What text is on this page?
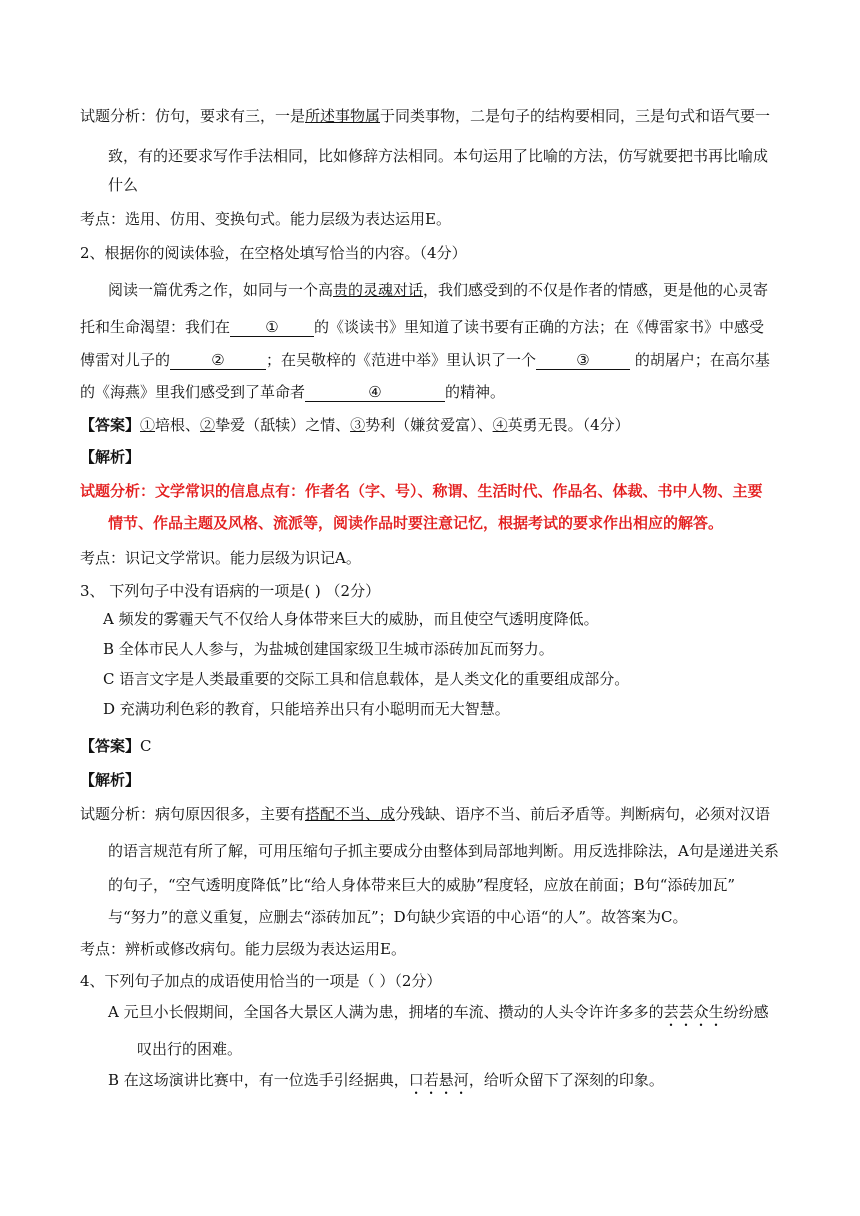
试题分析：仿句，要求有三，一是所述事物属于同类事物，二是句子的结构要相同，三是句式和语气要一
致，有的还要求写作手法相同，比如修辞方法相同。本句运用了比喻的方法，仿写就要把书再比喻成
什么
考点：选用、仿用、变换句式。能力层级为表达运用E。
2、根据你的阅读体验，在空格处填写恰当的内容。（4分）
阅读一篇优秀之作，如同与一个高贵的灵魂对话，我们感受到的不仅是作者的情感，更是他的心灵寄
托和生命渴望：我们在 ① 的《谈读书》里知道了读书要有正确的方法；在《傅雷家书》中感受
傅雷对儿子的	②	；在吴敬梓的《范进中举》里认识了一个	③	的胡屠户；在高尔基
的《海燕》里我们感受到了革命者	④	的精神。
【答案】①培根、②挚爱（舐犊）之情、③势利（嫌贫爱富）、④英勇无畏。（4分）
【解析】
试题分析：文学常识的信息点有：作者名（字、号）、称谓、生活时代、作品名、体裁、书中人物、主要
情节、作品主题及风格、流派等，阅读作品时要注意记忆，根据考试的要求作出相应的解答。
考点：识记文学常识。能力层级为识记A。
3、 下列句子中没有语病的一项是( ) （2分）
A 频发的雾霾天气不仅给人身体带来巨大的威胁，而且使空气透明度降低。
B 全体市民人人参与，为盐城创建国家级卫生城市添砖加瓦而努力。
C 语言文字是人类最重要的交际工具和信息载体，是人类文化的重要组成部分。
D 充满功利色彩的教育，只能培养出只有小聪明而无大智慧。
【答案】C
【解析】
试题分析：病句原因很多，主要有搭配不当、成分残缺、语序不当、前后矛盾等。判断病句，必须对汉语
的语言规范有所了解，可用压缩句子抓主要成分由整体到局部地判断。用反选排除法，A句是递进关系
的句子，“空气透明度降低”比“给人身体带来巨大的威胁”程度轻，应放在前面；B句“添砖加瓦”
与“努力”的意义重复，应删去“添砖加瓦”；D句缺少宾语的中心语“的人”。故答案为C。
考点：辨析或修改病句。能力层级为表达运用E。
4、下列句子加点的成语使用恰当的一项是（ ）（2分）
A 元旦小长假期间，全国各大景区人满为患，拥堵的车流、攒动的人头令许许多多的芸芸众生纷纷感
叹出行的困难。
B 在这场演讲比赛中，有一位选手引经据典，口若悬河，给听众留下了深刻的印象。
